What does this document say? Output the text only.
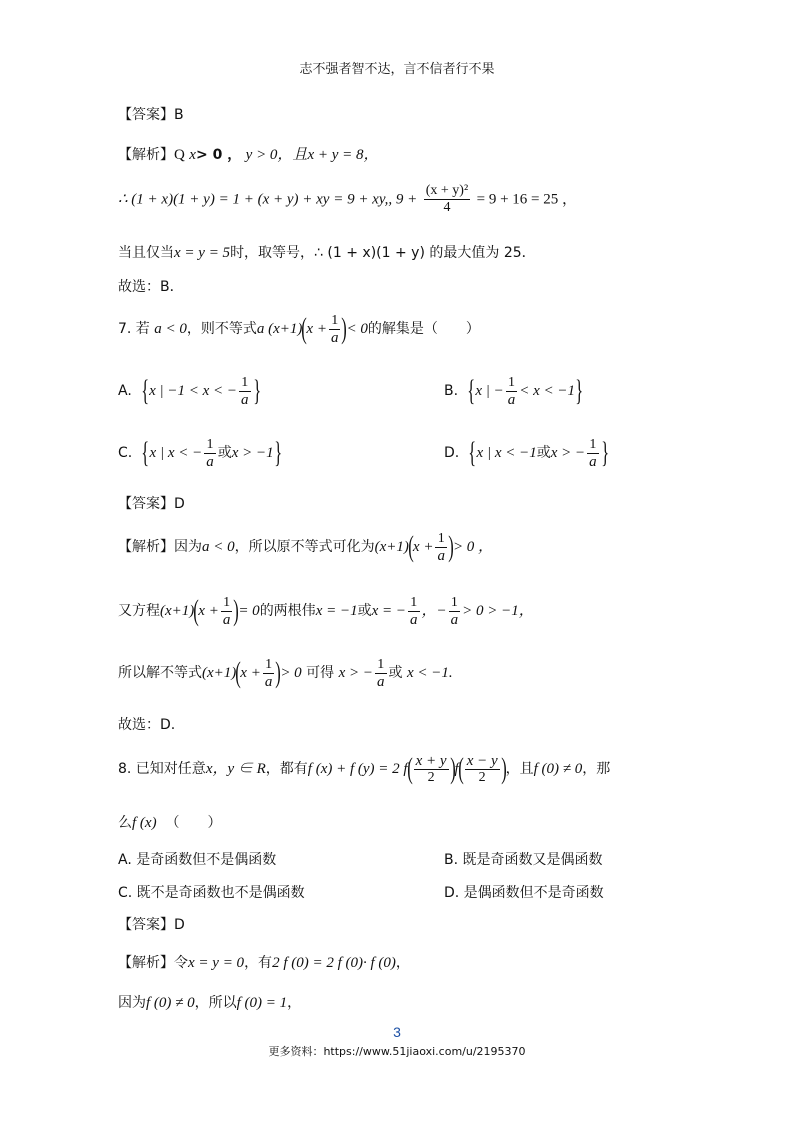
志不强者智不达，言不信者行不果
【答案】B
【解析】Q x> 0 ， y > 0，且x + y = 8，
∴ (1 + x)(1 + y) = 1 + (x + y) + xy = 9 + xy,, $9 + \frac{\text{(x + y)²}}{4} = 9 + 16 = 25$ ，
当且仅当x = y = 5时，取等号，∴ (1 + x)(1 + y) 的最大值为 25．
故选：B．
7. 若 a < 0，则不等式a $(x+1)(x + \frac{1}{a}$ )< 0的解集是（　　）
A. {x | −1 < x < − $\frac{1}{a}$ }	B. {x | − $\frac{1}{a} < x < -1$}
C. {x | x < − $\frac{1}{a}$ 或x > −1}	D. {x | x < −1或x > − $\frac{1}{a}$ }
【答案】D
【解析】因为a < 0，所以原不等式可化为$(x+1)(x + \frac{1}{a}$ )> 0 ，
又方程$(x+1)(x + \frac{1}{a}$ )= 0的两根伟x = −1或x = − $\frac{1}{a}$ ，− $\frac{1}{a} > 0 > -1$，
所以解不等式$(x+1)(x + \frac{1}{a}$ )> 0 可得 x > − $\frac{1}{a}$ 或 x < −1.
故选：D.
8. 已知对任意x，y ∈ R，都有f (x) + f (y) = 2 $f( \frac{x + y}{2} )f( \frac{x - y}{2}$ )，且f (0) ≠ 0，那
么f (x) （　　）
A. 是奇函数但不是偶函数	B. 既是奇函数又是偶函数
C. 既不是奇函数也不是偶函数	D. 是偶函数但不是奇函数
【答案】D
【解析】令x = y = 0，有2 f (0) = 2 f (0)· f (0)，
因为f (0) ≠ 0，所以f (0) = 1，
3
更多资料：https://www.51jiaoxi.com/u/2195370
